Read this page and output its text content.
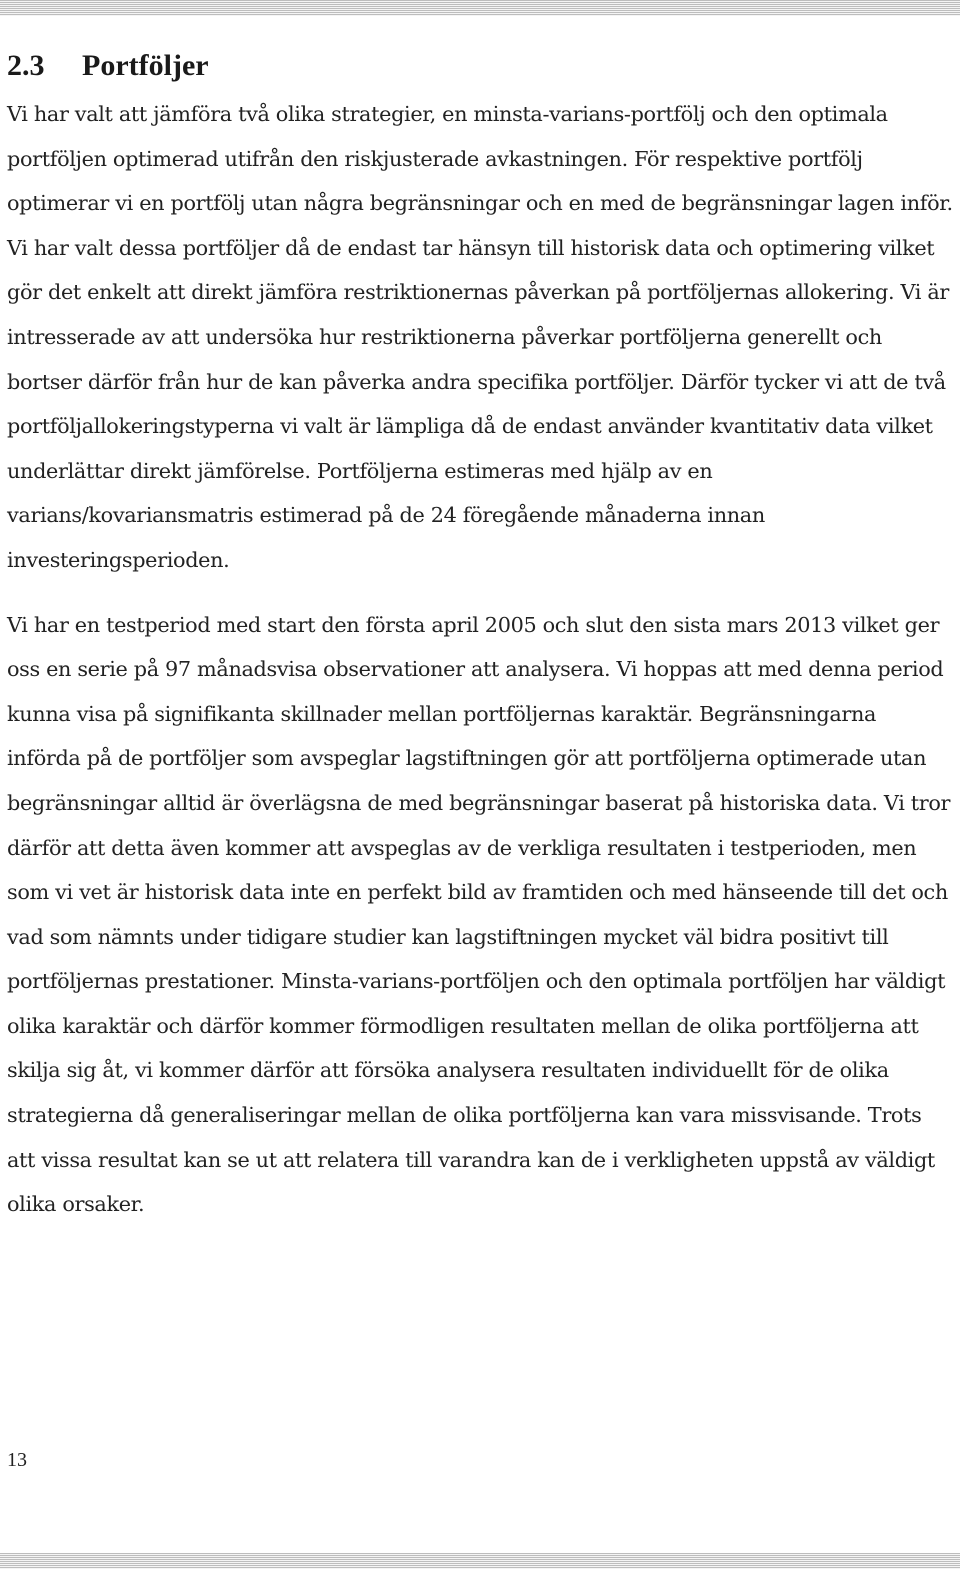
2.3 Portföljer

Vi har valt att jämföra två olika strategier, en minsta-varians-portfölj och den optimala portföljen optimerad utifrån den riskjusterade avkastningen. För respektive portfölj optimerar vi en portfölj utan några begränsningar och en med de begränsningar lagen inför. Vi har valt dessa portföljer då de endast tar hänsyn till historisk data och optimering vilket gör det enkelt att direkt jämföra restriktionernas påverkan på portföljernas allokering. Vi är intresserade av att undersöka hur restriktionerna påverkar portföljerna generellt och bortser därför från hur de kan påverka andra specifika portföljer. Därför tycker vi att de två portföljallokeringstyperna vi valt är lämpliga då de endast använder kvantitativ data vilket underlättar direkt jämförelse. Portföljerna estimeras med hjälp av en varians/kovariansmatris estimerad på de 24 föregående månaderna innan investeringsperioden.

Vi har en testperiod med start den första april 2005 och slut den sista mars 2013 vilket ger oss en serie på 97 månadsvisa observationer att analysera. Vi hoppas att med denna period kunna visa på signifikanta skillnader mellan portföljernas karaktär. Begränsningarna införda på de portföljer som avspeglar lagstiftningen gör att portföljerna optimerade utan begränsningar alltid är överlägsna de med begränsningar baserat på historiska data. Vi tror därför att detta även kommer att avspeglas av de verkliga resultaten i testperioden, men som vi vet är historisk data inte en perfekt bild av framtiden och med hänseende till det och vad som nämnts under tidigare studier kan lagstiftningen mycket väl bidra positivt till portföljernas prestationer. Minsta-varians-portföljen och den optimala portföljen har väldigt olika karaktär och därför kommer förmodligen resultaten mellan de olika portföljerna att skilja sig åt, vi kommer därför att försöka analysera resultaten individuellt för de olika strategierna då generaliseringar mellan de olika portföljerna kan vara missvisande. Trots att vissa resultat kan se ut att relatera till varandra kan de i verkligheten uppstå av väldigt olika orsaker.

13
